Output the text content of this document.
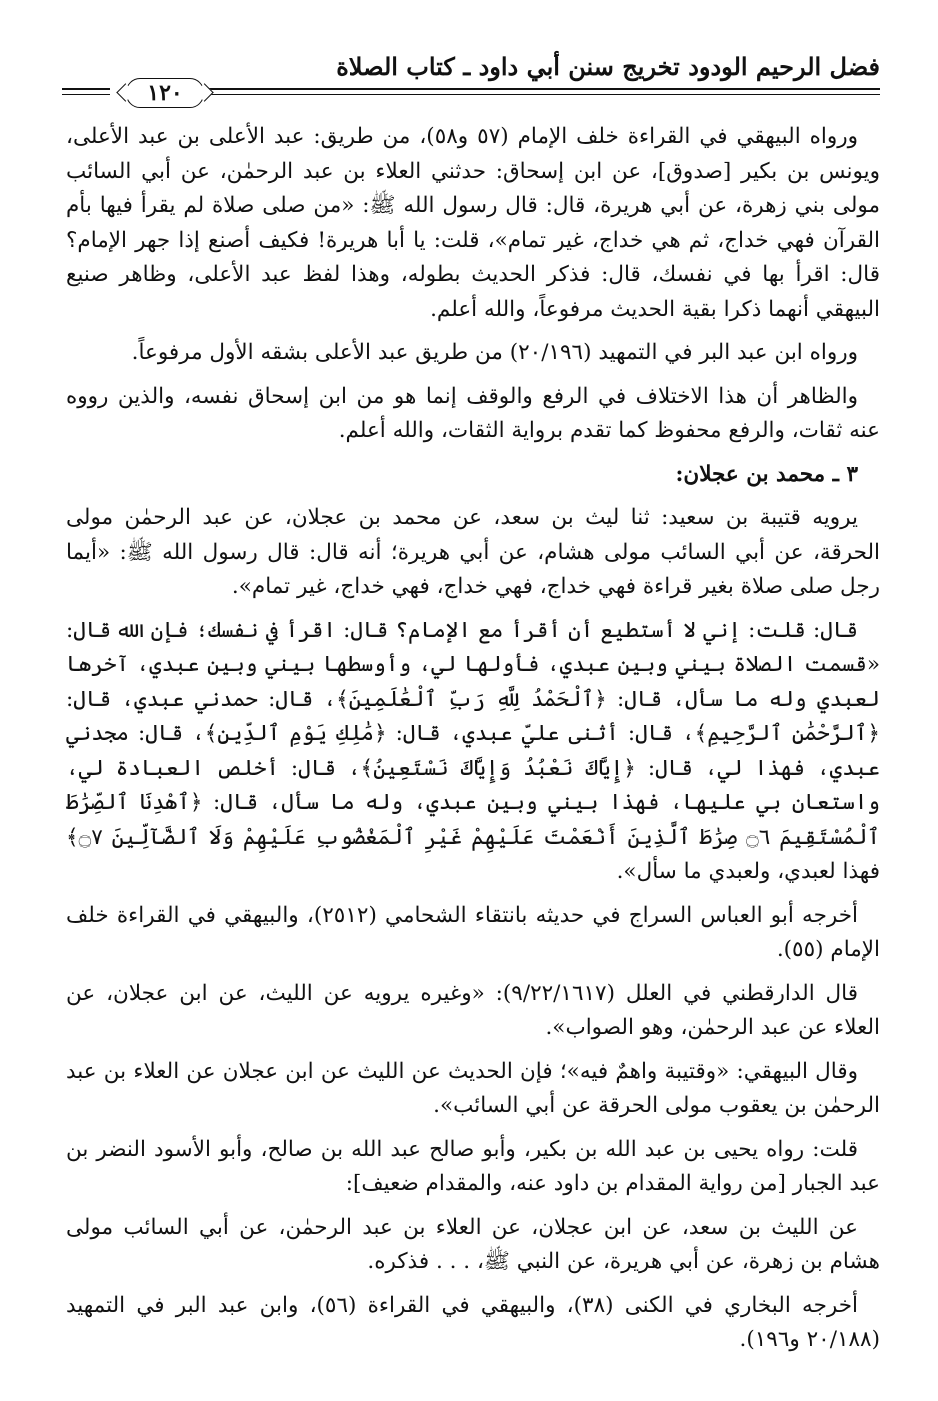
فضل الرحيم الودود تخريج سنن أبي داود ـ كتاب الصلاة
١٢٠

ورواه البيهقي في القراءة خلف الإمام (٥٧ و٥٨)، من طريق: عبد الأعلى بن عبد الأعلى، ويونس بن بكير [صدوق]، عن ابن إسحاق: حدثني العلاء بن عبد الرحمٰن، عن أبي السائب مولى بني زهرة، عن أبي هريرة، قال: قال رسول الله ﷺ: «من صلى صلاة لم يقرأ فيها بأم القرآن فهي خداج، ثم هي خداج، غير تمام»، قلت: يا أبا هريرة! فكيف أصنع إذا جهر الإمام؟ قال: اقرأ بها في نفسك، قال: فذكر الحديث بطوله، وهذا لفظ عبد الأعلى، وظاهر صنيع البيهقي أنهما ذكرا بقية الحديث مرفوعاً، والله أعلم.

ورواه ابن عبد البر في التمهيد (٢٠/١٩٦) من طريق عبد الأعلى بشقه الأول مرفوعاً.

والظاهر أن هذا الاختلاف في الرفع والوقف إنما هو من ابن إسحاق نفسه، والذين رووه عنه ثقات، والرفع محفوظ كما تقدم برواية الثقات، والله أعلم.

٣ ـ محمد بن عجلان:

يرويه قتيبة بن سعيد: ثنا ليث بن سعد، عن محمد بن عجلان، عن عبد الرحمٰن مولى الحرقة، عن أبي السائب مولى هشام، عن أبي هريرة؛ أنه قال: قال رسول الله ﷺ: «أيما رجل صلى صلاة بغير قراءة فهي خداج، فهي خداج، فهي خداج، غير تمام».

قال: قلت: إني لا أستطيع أن أقرأ مع الإمام؟ قال: اقرأ في نفسك؛ فإن الله قال: «قسمت الصلاة بيني وبين عبدي، فأولها لي، وأوسطها بيني وبين عبدي، آخرها لعبدي وله ما سأل، قال: ﴿ٱلْحَمْدُ لِلَّهِ رَبِّ ٱلْعَٰلَمِينَ﴾، قال: حمدني عبدي، قال: ﴿ٱلرَّحْمَٰنِ ٱلرَّحِيمِ﴾، قال: أثنى عليّ عبدي، قال: ﴿مَٰلِكِ يَوْمِ ٱلدِّينِ﴾، قال: مجدني عبدي، فهذا لي، قال: ﴿إِيَّاكَ نَعْبُدُ وَإِيَّاكَ نَسْتَعِينُ﴾، قال: أخلص العبادة لي، واستعان بي عليها، فهذا بيني وبين عبدي، وله ما سأل، قال: ﴿ٱهْدِنَا ٱلصِّرَٰطَ ٱلْمُسْتَقِيمَ ۝٦ صِرَٰطَ ٱلَّذِينَ أَنْعَمْتَ عَلَيْهِمْ غَيْرِ ٱلْمَغْضُوبِ عَلَيْهِمْ وَلَا ٱلضَّآلِّينَ ۝٧﴾ فهذا لعبدي، ولعبدي ما سأل».

أخرجه أبو العباس السراج في حديثه بانتقاء الشحامي (٢٥١٢)، والبيهقي في القراءة خلف الإمام (٥٥).

قال الدارقطني في العلل (٩/٢٢/١٦١٧): «وغيره يرويه عن الليث، عن ابن عجلان، عن العلاء عن عبد الرحمٰن، وهو الصواب».

وقال البيهقي: «وقتيبة واهمٌ فيه»؛ فإن الحديث عن الليث عن ابن عجلان عن العلاء بن عبد الرحمٰن بن يعقوب مولى الحرقة عن أبي السائب».

قلت: رواه يحيى بن عبد الله بن بكير، وأبو صالح عبد الله بن صالح، وأبو الأسود النضر بن عبد الجبار [من رواية المقدام بن داود عنه، والمقدام ضعيف]:

عن الليث بن سعد، عن ابن عجلان، عن العلاء بن عبد الرحمٰن، عن أبي السائب مولى هشام بن زهرة، عن أبي هريرة، عن النبي ﷺ، . . . فذكره.

أخرجه البخاري في الكنى (٣٨)، والبيهقي في القراءة (٥٦)، وابن عبد البر في التمهيد (٢٠/١٨٨ و١٩٦).
